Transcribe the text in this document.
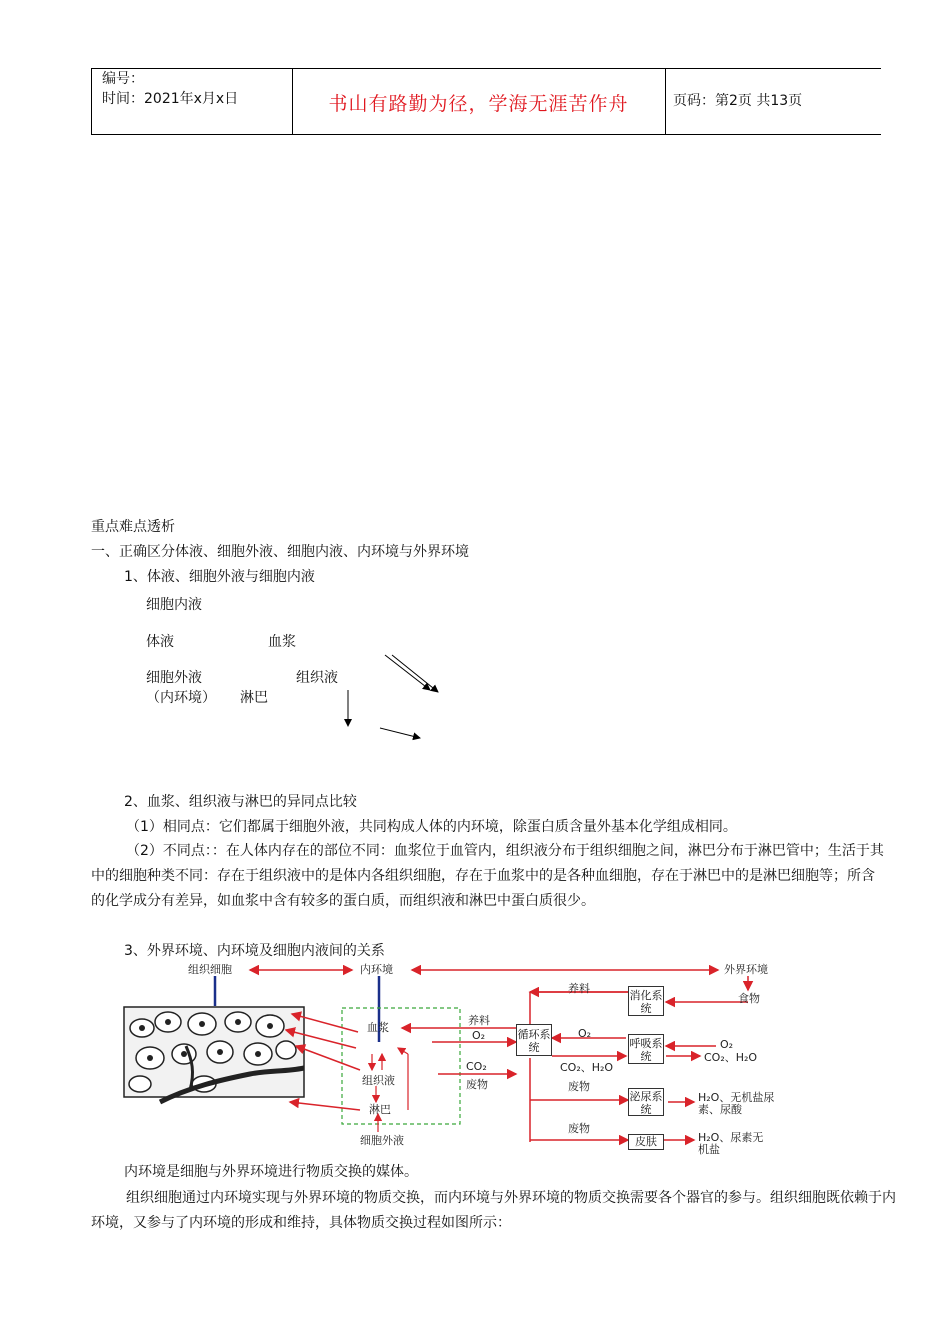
编号：
时间：2021年x月x日	书山有路勤为径，学海无涯苦作舟	页码：第2页 共13页
重点难点透析
一、正确区分体液、细胞外液、细胞内液、内环境与外界环境
1、体液、细胞外液与细胞内液
细胞内液
体液	血浆
细胞外液	组织液
（内环境） 淋巴
2、血浆、组织液与淋巴的异同点比较
（1）相同点：它们都属于细胞外液，共同构成人体的内环境，除蛋白质含量外基本化学组成相同。
（2）不同点：：在人体内存在的部位不同：血浆位于血管内，组织液分布于组织细胞之间，淋巴分布于淋巴管中；生活于其中的细胞种类不同：存在于组织液中的是体内各组织细胞，存在于血浆中的是各种血细胞，存在于淋巴中的是淋巴细胞等；所含的化学成分有差异，如血浆中含有较多的蛋白质，而组织液和淋巴中蛋白质很少。
3、外界环境、内环境及细胞内液间的关系
组织细胞	内环境	外界环境
血浆
组织液
淋巴
细胞外液
养料
O₂
CO₂
废物
养料
O₂
CO₂、H₂O
废物
废物
循环系统
消化系统
呼吸系统
泌尿系统
皮肤
食物
O₂
CO₂、H₂O
H₂O、无机盐尿素、尿酸
H₂O、尿素无机盐
内环境是细胞与外界环境进行物质交换的媒体。
组织细胞通过内环境实现与外界环境的物质交换，而内环境与外界环境的物质交换需要各个器官的参与。组织细胞既依赖于内环境，又参与了内环境的形成和维持，具体物质交换过程如图所示：
